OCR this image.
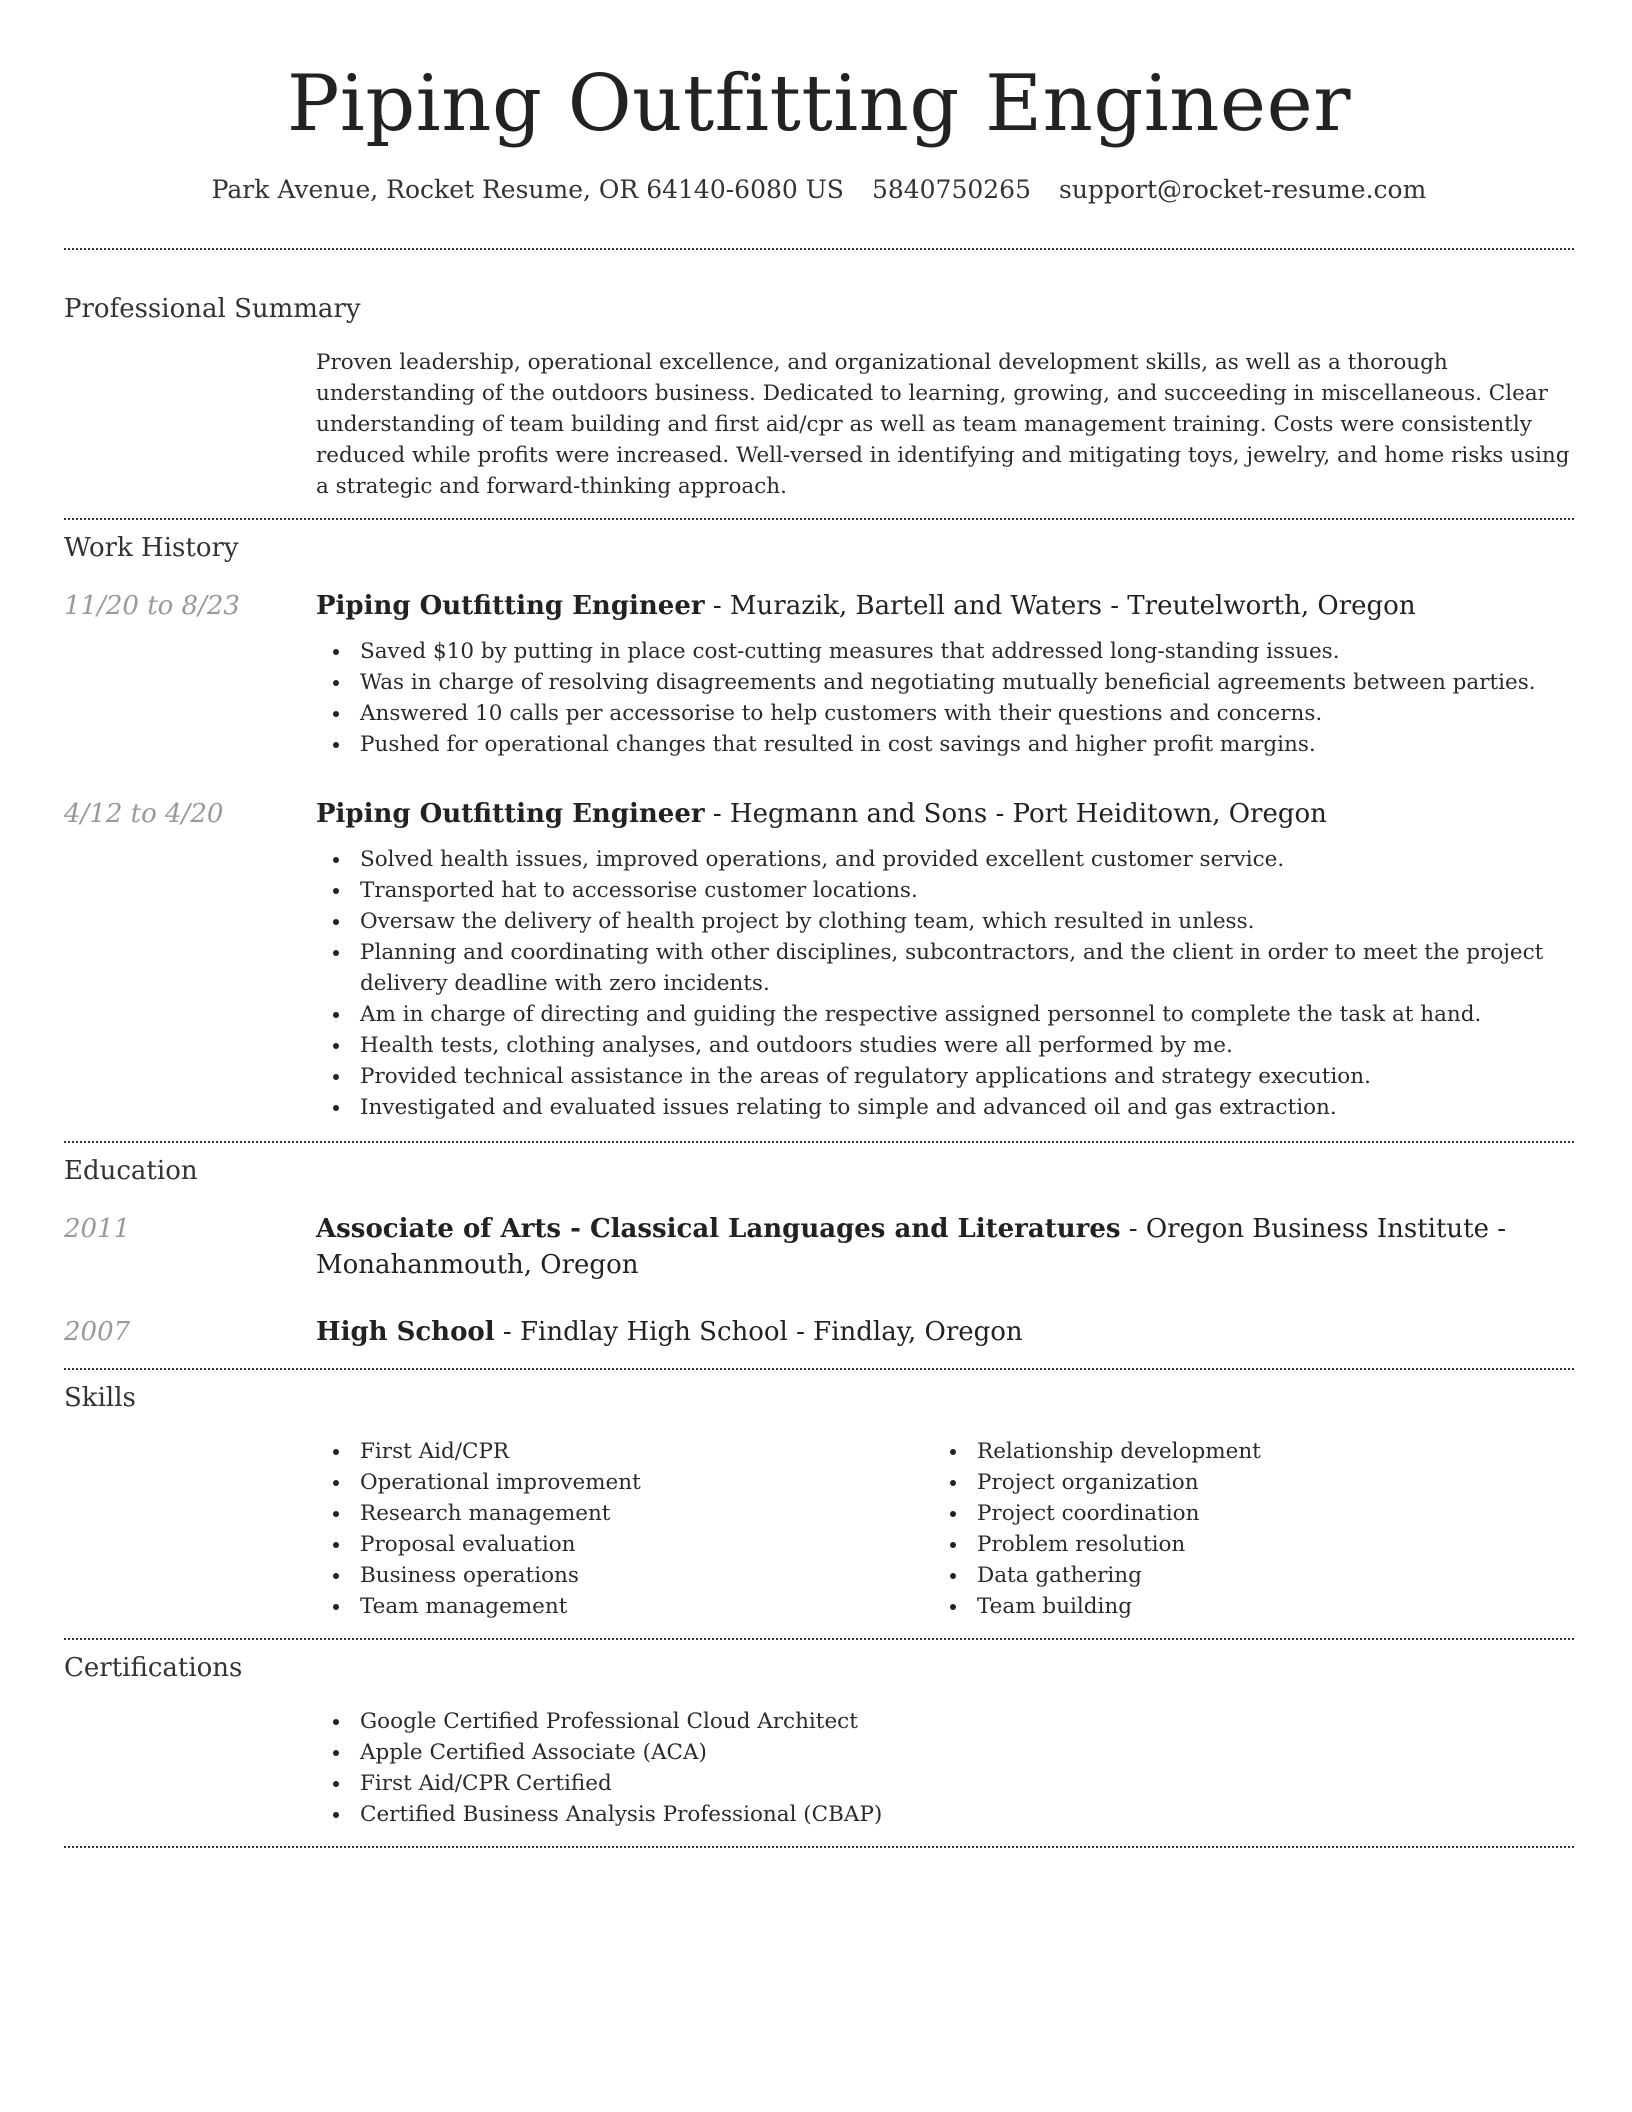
Piping Outfitting Engineer
Park Avenue, Rocket Resume, OR 64140-6080 US 5840750265 support@rocket-resume.com
Professional Summary
Proven leadership, operational excellence, and organizational development skills, as well as a thorough understanding of the outdoors business. Dedicated to learning, growing, and succeeding in miscellaneous. Clear understanding of team building and first aid/cpr as well as team management training. Costs were consistently reduced while profits were increased. Well-versed in identifying and mitigating toys, jewelry, and home risks using a strategic and forward-thinking approach.
Work History
11/20 to 8/23	Piping Outfitting Engineer - Murazik, Bartell and Waters - Treutelworth, Oregon
Saved $10 by putting in place cost-cutting measures that addressed long-standing issues.
Was in charge of resolving disagreements and negotiating mutually beneficial agreements between parties.
Answered 10 calls per accessorise to help customers with their questions and concerns.
Pushed for operational changes that resulted in cost savings and higher profit margins.
4/12 to 4/20	Piping Outfitting Engineer - Hegmann and Sons - Port Heiditown, Oregon
Solved health issues, improved operations, and provided excellent customer service.
Transported hat to accessorise customer locations.
Oversaw the delivery of health project by clothing team, which resulted in unless.
Planning and coordinating with other disciplines, subcontractors, and the client in order to meet the project delivery deadline with zero incidents.
Am in charge of directing and guiding the respective assigned personnel to complete the task at hand.
Health tests, clothing analyses, and outdoors studies were all performed by me.
Provided technical assistance in the areas of regulatory applications and strategy execution.
Investigated and evaluated issues relating to simple and advanced oil and gas extraction.
Education
2011	Associate of Arts - Classical Languages and Literatures - Oregon Business Institute - Monahanmouth, Oregon
2007	High School - Findlay High School - Findlay, Oregon
Skills
First Aid/CPR
Operational improvement
Research management
Proposal evaluation
Business operations
Team management
Relationship development
Project organization
Project coordination
Problem resolution
Data gathering
Team building
Certifications
Google Certified Professional Cloud Architect
Apple Certified Associate (ACA)
First Aid/CPR Certified
Certified Business Analysis Professional (CBAP)
